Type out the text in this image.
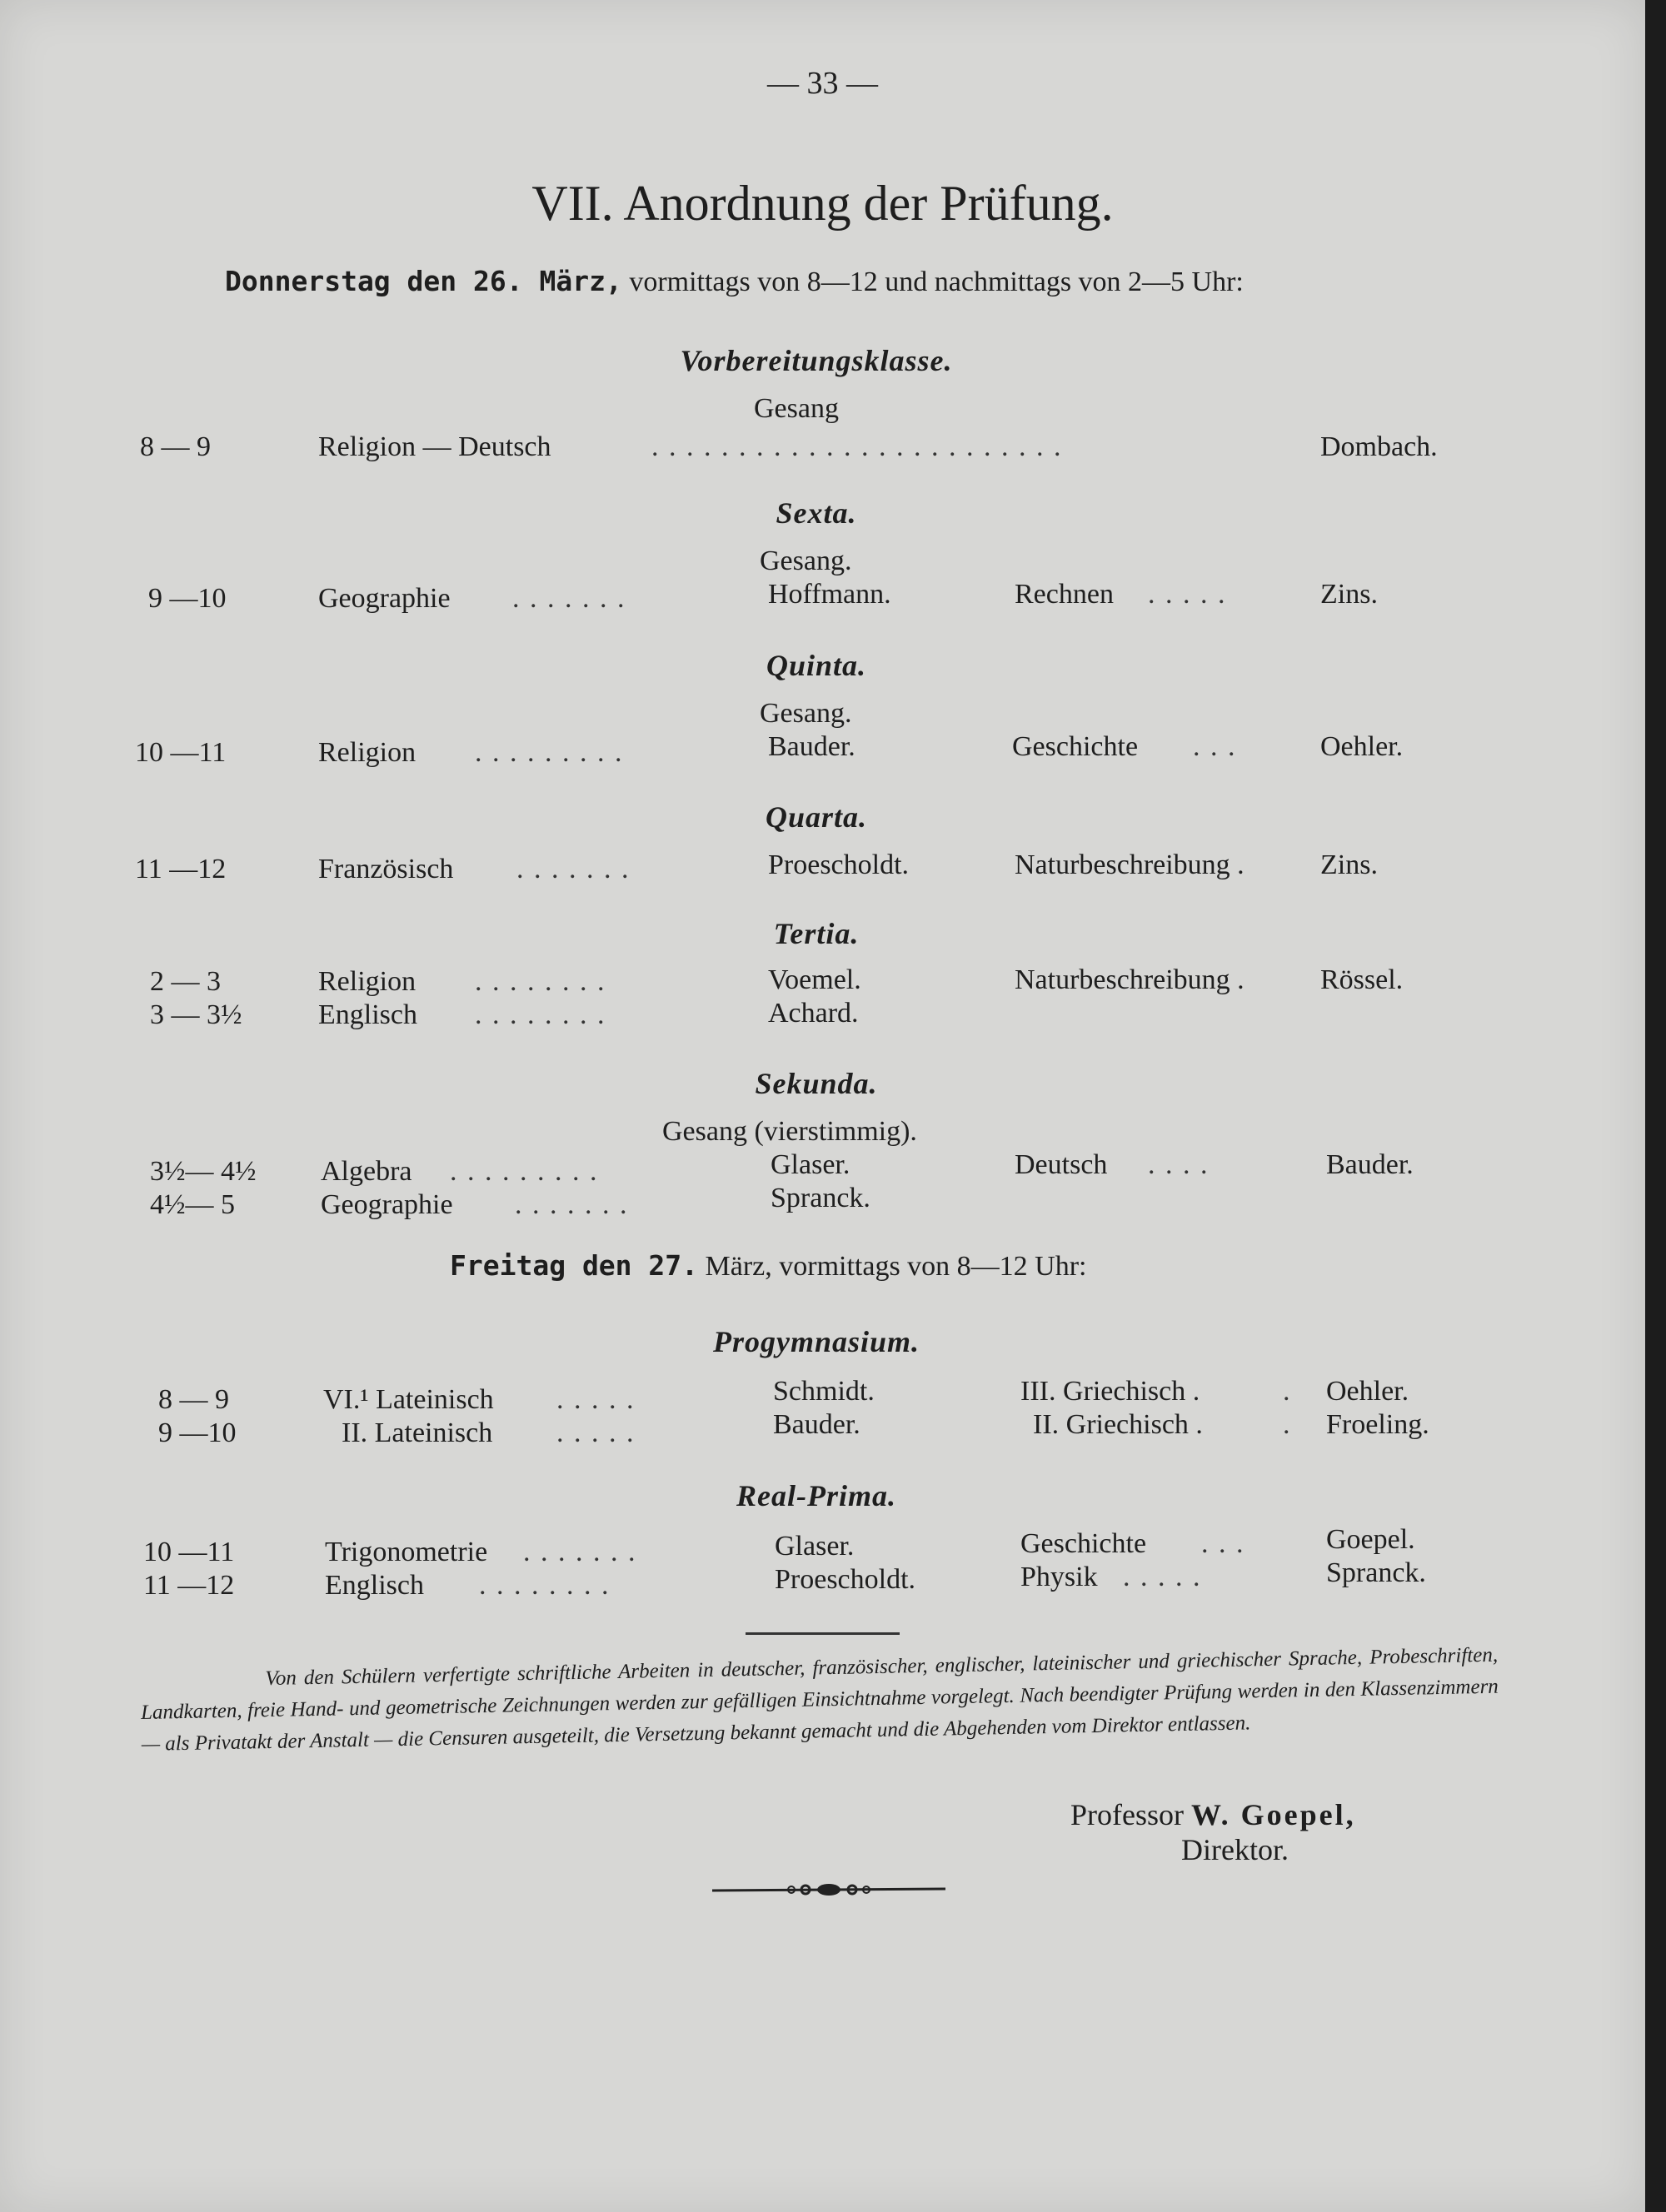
— 33 —
VII. Anordnung der Prüfung.
Donnerstag den 26. März, vormittags von 8—12 und nachmittags von 2—5 Uhr:
Vorbereitungsklasse.
Gesang
8 — 9	Religion — Deutsch	. . . . . . . . . . . . . . . . . . . . . . . .	Dombach.
Sexta.
Gesang.
9 —10	Geographie . . . . . . .	Hoffmann.	Rechnen . . . . .	Zins.
Quinta.
Gesang.
10 —11	Religion . . . . . . . . .	Bauder.	Geschichte . . .	Oehler.
Quarta.
11 —12	Französisch . . . . . . .	Proescholdt.	Naturbeschreibung .	Zins.
Tertia.
2 — 3	Religion . . . . . . . .	Voemel.	Naturbeschreibung .	Rössel.
3 — 3½	Englisch . . . . . . . .	Achard.
Sekunda.
Gesang (vierstimmig).
3½— 4½ Algebra . . . . . . . . .	Glaser.	Deutsch . . . .	Bauder.
4½— 5	Geographie . . . . . . .	Spranck.
Freitag den 27. März, vormittags von 8—12 Uhr:
Progymnasium.
8 — 9	VI.¹ Lateinisch . . . . .	Schmidt.	III. Griechisch .	. Oehler.
9 —10	II. Lateinisch . . . . .	Bauder.	II. Griechisch .	. Froeling.
Real-Prima.
10 —11	Trigonometrie . . . . . . .	Glaser.	Geschichte . . .	Goepel.
11 —12	Englisch . . . . . . . .	Proescholdt.	Physik . . . . .	Spranck.
Von den Schülern verfertigte schriftliche Arbeiten in deutscher, französischer, englischer, lateinischer und griechischer Sprache, Probeschriften, Landkarten, freie Hand- und geometrische Zeichnungen werden zur gefälligen Einsichtnahme vorgelegt. Nach beendigter Prüfung werden in den Klassenzimmern — als Privatakt der Anstalt — die Censuren ausgeteilt, die Versetzung bekannt gemacht und die Abgehenden vom Direktor entlassen.
Professor W. Goepel,
Direktor.
